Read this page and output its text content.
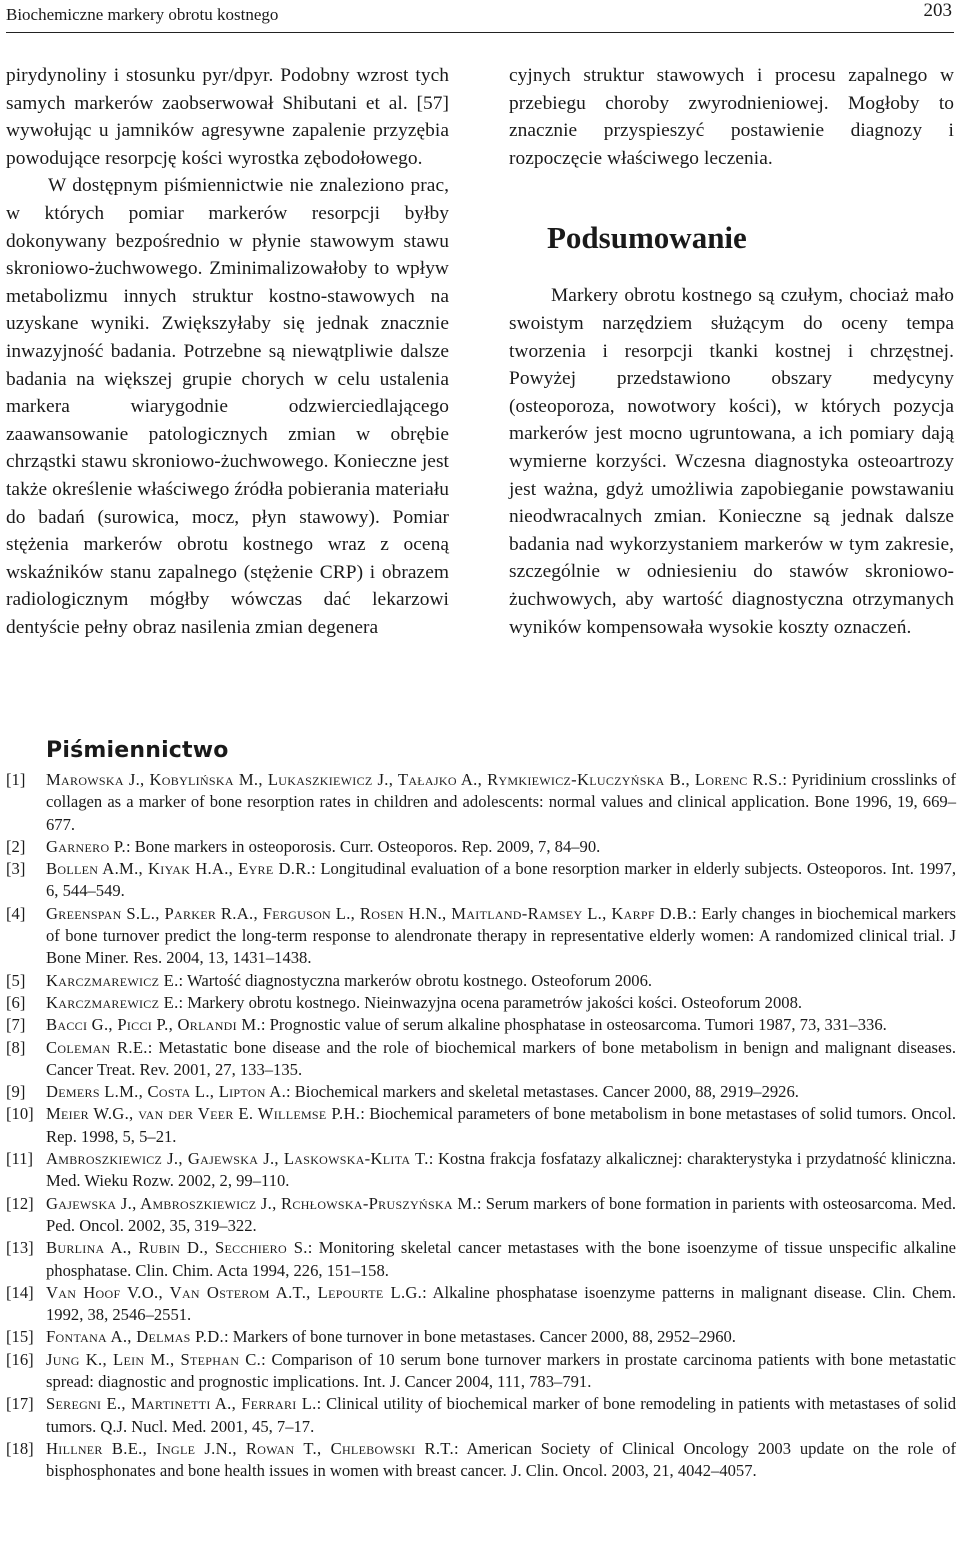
Biochemiczne markery obrotu kostnego	203

pirydynoliny i stosunku pyr/dpyr. Podobny wzrost tych samych markerów zaobserwował Shibutani et al. [57] wywołując u jamników agresywne zapalenie przyzębia powodujące resorpcję kości wyrostka zębodołowego.

W dostępnym piśmiennictwie nie znaleziono prac, w których pomiar markerów resorpcji byłby dokonywany bezpośrednio w płynie stawowym stawu skroniowo-żuchwowego. Zminimalizowałoby to wpływ metabolizmu innych struktur kostno-stawowych na uzyskane wyniki. Zwiększyłaby się jednak znacznie inwazyjność badania. Potrzebne są niewątpliwie dalsze badania na większej grupie chorych w celu ustalenia markera wiarygodnie odzwierciedlającego zaawansowanie patologicznych zmian w obrębie chrząstki stawu skroniowo-żuchwowego. Konieczne jest także określenie właściwego źródła pobierania materiału do badań (surowica, mocz, płyn stawowy). Pomiar stężenia markerów obrotu kostnego wraz z oceną wskaźników stanu zapalnego (stężenie CRP) i obrazem radiologicznym mógłby wówczas dać lekarzowi dentyście pełny obraz nasilenia zmian degenera

cyjnych struktur stawowych i procesu zapalnego w przebiegu choroby zwyrodnieniowej. Mogłoby to znacznie przyspieszyć postawienie diagnozy i rozpoczęcie właściwego leczenia.

Podsumowanie

Markery obrotu kostnego są czułym, chociaż mało swoistym narzędziem służącym do oceny tempa tworzenia i resorpcji tkanki kostnej i chrzęstnej. Powyżej przedstawiono obszary medycyny (osteoporoza, nowotwory kości), w których pozycja markerów jest mocno ugruntowana, a ich pomiary dają wymierne korzyści. Wczesna diagnostyka osteoartrozy jest ważna, gdyż umożliwia zapobieganie powstawaniu nieodwracalnych zmian. Konieczne są jednak dalsze badania nad wykorzystaniem markerów w tym zakresie, szczególnie w odniesieniu do stawów skroniowo-żuchwowych, aby wartość diagnostyczna otrzymanych wyników kompensowała wysokie koszty oznaczeń.

Piśmiennictwo
[1]	Marowska J., Kobylińska M., Lukaszkiewicz J., Tałajko A., Rymkiewicz-Kluczyńska B., Lorenc R.S.: Pyridinium crosslinks of collagen as a marker of bone resorption rates in children and adolescents: normal values and clinical application. Bone 1996, 19, 669–677.
[2]	Garnero P.: Bone markers in osteoporosis. Curr. Osteoporos. Rep. 2009, 7, 84–90.
[3]	Bollen A.M., Kiyak H.A., Eyre D.R.: Longitudinal evaluation of a bone resorption marker in elderly subjects. Osteoporos. Int. 1997, 6, 544–549.
[4]	Greenspan S.L., Parker R.A., Ferguson L., Rosen H.N., Maitland-Ramsey L., Karpf D.B.: Early changes in biochemical markers of bone turnover predict the long-term response to alendronate therapy in representative elderly women: A randomized clinical trial. J Bone Miner. Res. 2004, 13, 1431–1438.
[5]	Karczmarewicz E.: Wartość diagnostyczna markerów obrotu kostnego. Osteoforum 2006.
[6]	Karczmarewicz E.: Markery obrotu kostnego. Nieinwazyjna ocena parametrów jakości kości. Osteoforum 2008.
[7]	Bacci G., Picci P., Orlandi M.: Prognostic value of serum alkaline phosphatase in osteosarcoma. Tumori 1987, 73, 331–336.
[8]	Coleman R.E.: Metastatic bone disease and the role of biochemical markers of bone metabolism in benign and malignant diseases. Cancer Treat. Rev. 2001, 27, 133–135.
[9]	Demers L.M., Costa L., Lipton A.: Biochemical markers and skeletal metastases. Cancer 2000, 88, 2919–2926.
[10] Meier W.G., van der Veer E. Willemse P.H.: Biochemical parameters of bone metabolism in bone metastases of solid tumors. Oncol. Rep. 1998, 5, 5–21.
[11] Ambroszkiewicz J., Gajewska J., Laskowska-Klita T.: Kostna frakcja fosfatazy alkalicznej: charakterystyka i przydatność kliniczna. Med. Wieku Rozw. 2002, 2, 99–110.
[12] Gajewska J., Ambroszkiewicz J., Rchłowska-Pruszyńska M.: Serum markers of bone formation in parients with osteosarcoma. Med. Ped. Oncol. 2002, 35, 319–322.
[13] Burlina A., Rubin D., Secchiero S.: Monitoring skeletal cancer metastases with the bone isoenzyme of tissue unspecific alkaline phosphatase. Clin. Chim. Acta 1994, 226, 151–158.
[14] Van Hoof V.O., Van Osterom A.T., Lepourte L.G.: Alkaline phosphatase isoenzyme patterns in malignant disease. Clin. Chem. 1992, 38, 2546–2551.
[15] Fontana A., Delmas P.D.: Markers of bone turnover in bone metastases. Cancer 2000, 88, 2952–2960.
[16] Jung K., Lein M., Stephan C.: Comparison of 10 serum bone turnover markers in prostate carcinoma patients with bone metastatic spread: diagnostic and prognostic implications. Int. J. Cancer 2004, 111, 783–791.
[17] Seregni E., Martinetti A., Ferrari L.: Clinical utility of biochemical marker of bone remodeling in patients with metastases of solid tumors. Q.J. Nucl. Med. 2001, 45, 7–17.
[18] Hillner B.E., Ingle J.N., Rowan T., Chlebowski R.T.: American Society of Clinical Oncology 2003 update on the role of bisphosphonates and bone health issues in women with breast cancer. J. Clin. Oncol. 2003, 21, 4042–4057.
